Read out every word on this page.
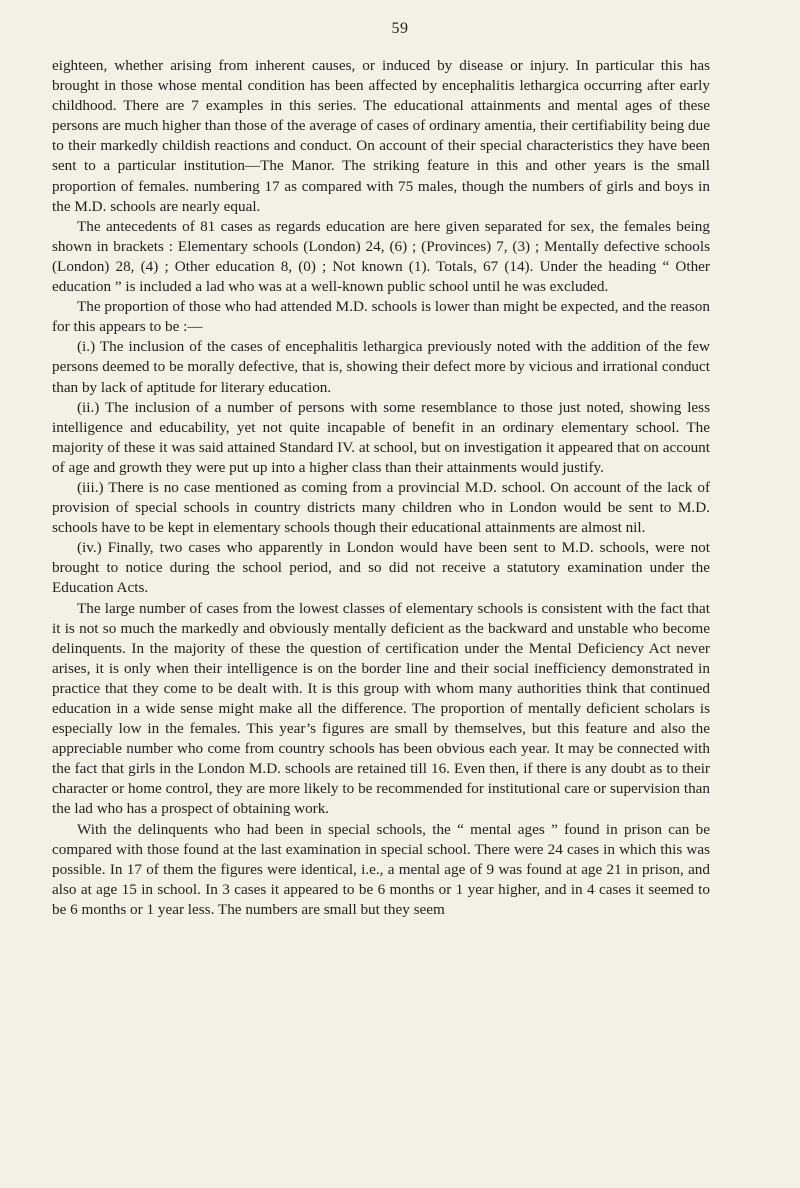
59

eighteen, whether arising from inherent causes, or induced by disease or injury. In particular this has brought in those whose mental condition has been affected by encephalitis lethargica occurring after early childhood. There are 7 examples in this series. The educational attainments and mental ages of these persons are much higher than those of the average of cases of ordinary amentia, their certifiability being due to their markedly childish reactions and conduct. On account of their special characteristics they have been sent to a particular institution—The Manor. The striking feature in this and other years is the small proportion of females. numbering 17 as compared with 75 males, though the numbers of girls and boys in the M.D. schools are nearly equal.

The antecedents of 81 cases as regards education are here given separated for sex, the females being shown in brackets : Elementary schools (London) 24, (6) ; (Provinces) 7, (3) ; Mentally defective schools (London) 28, (4) ; Other education 8, (0) ; Not known (1). Totals, 67 (14). Under the heading “ Other education ” is included a lad who was at a well-known public school until he was excluded.

The proportion of those who had attended M.D. schools is lower than might be expected, and the reason for this appears to be :—

(i.) The inclusion of the cases of encephalitis lethargica previously noted with the addition of the few persons deemed to be morally defective, that is, showing their defect more by vicious and irrational conduct than by lack of aptitude for literary education.

(ii.) The inclusion of a number of persons with some resemblance to those just noted, showing less intelligence and educability, yet not quite incapable of benefit in an ordinary elementary school. The majority of these it was said attained Standard IV. at school, but on investigation it appeared that on account of age and growth they were put up into a higher class than their attainments would justify.

(iii.) There is no case mentioned as coming from a provincial M.D. school. On account of the lack of provision of special schools in country districts many children who in London would be sent to M.D. schools have to be kept in elementary schools though their educational attainments are almost nil.

(iv.) Finally, two cases who apparently in London would have been sent to M.D. schools, were not brought to notice during the school period, and so did not receive a statutory examination under the Education Acts.

The large number of cases from the lowest classes of elementary schools is consistent with the fact that it is not so much the markedly and obviously mentally deficient as the backward and unstable who become delinquents. In the majority of these the question of certification under the Mental Deficiency Act never arises, it is only when their intelligence is on the border line and their social inefficiency demonstrated in practice that they come to be dealt with. It is this group with whom many authorities think that continued education in a wide sense might make all the difference. The proportion of mentally deficient scholars is especially low in the females. This year’s figures are small by themselves, but this feature and also the appreciable number who come from country schools has been obvious each year. It may be connected with the fact that girls in the London M.D. schools are retained till 16. Even then, if there is any doubt as to their character or home control, they are more likely to be recommended for institutional care or supervision than the lad who has a prospect of obtaining work.

With the delinquents who had been in special schools, the “ mental ages ” found in prison can be compared with those found at the last examination in special school. There were 24 cases in which this was possible. In 17 of them the figures were identical, i.e., a mental age of 9 was found at age 21 in prison, and also at age 15 in school. In 3 cases it appeared to be 6 months or 1 year higher, and in 4 cases it seemed to be 6 months or 1 year less. The numbers are small but they seem
